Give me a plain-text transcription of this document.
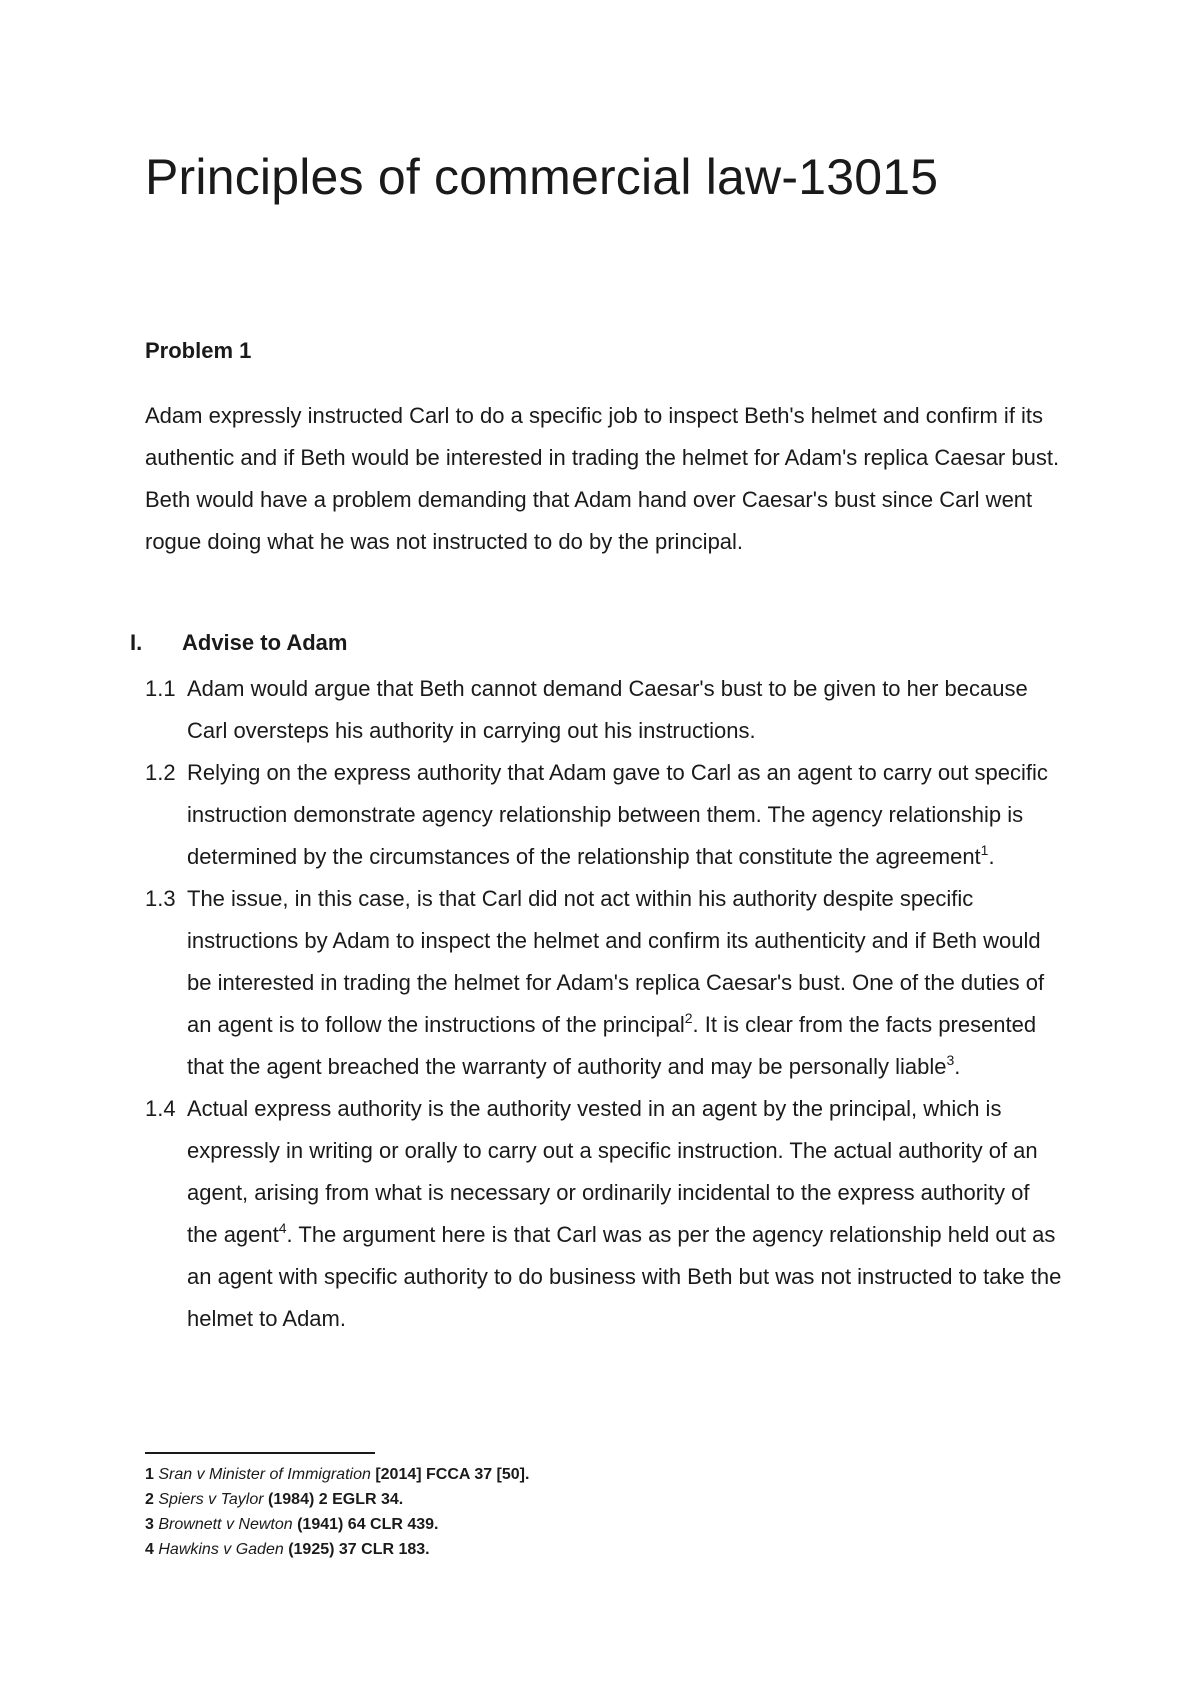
Principles of commercial law-13015
Problem 1

Adam expressly instructed Carl to do a specific job to inspect Beth's helmet and confirm if its authentic and if Beth would be interested in trading the helmet for Adam's replica Caesar bust. Beth would have a problem demanding that Adam hand over Caesar's bust since Carl went rogue doing what he was not instructed to do by the principal.

I. Advise to Adam
1.1 Adam would argue that Beth cannot demand Caesar's bust to be given to her because Carl oversteps his authority in carrying out his instructions.
1.2 Relying on the express authority that Adam gave to Carl as an agent to carry out specific instruction demonstrate agency relationship between them. The agency relationship is determined by the circumstances of the relationship that constitute the agreement$^1$.
1.3 The issue, in this case, is that Carl did not act within his authority despite specific instructions by Adam to inspect the helmet and confirm its authenticity and if Beth would be interested in trading the helmet for Adam's replica Caesar's bust. One of the duties of an agent is to follow the instructions of the principal$^2$. It is clear from the facts presented that the agent breached the warranty of authority and may be personally liable$^3$.
1.4 Actual express authority is the authority vested in an agent by the principal, which is expressly in writing or orally to carry out a specific instruction. The actual authority of an agent, arising from what is necessary or ordinarily incidental to the express authority of the agent$^4$. The argument here is that Carl was as per the agency relationship held out as an agent with specific authority to do business with Beth but was not instructed to take the helmet to Adam.
1 Sran v Minister of Immigration [2014] FCCA 37 [50].
2 Spiers v Taylor (1984) 2 EGLR 34.
3 Brownett v Newton (1941) 64 CLR 439.
4 Hawkins v Gaden (1925) 37 CLR 183.
